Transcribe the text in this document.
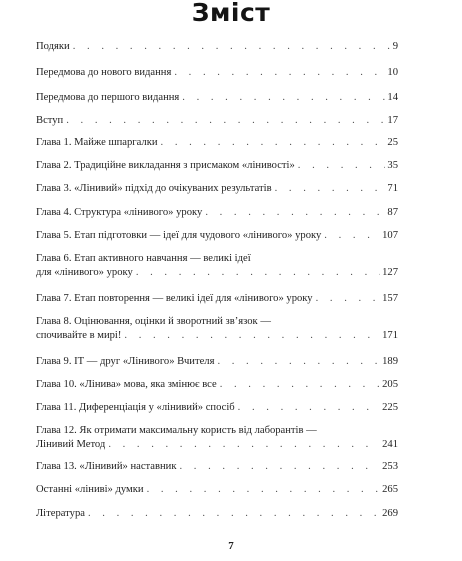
Зміст
Подяки . . .	9
Передмова до нового видання . . .	10
Передмова до першого видання . . .	14
Вступ . . .	17
Глава 1. Майже шпаргалки . . .	25
Глава 2. Традиційне викладання з присмаком «лінивості» . . .	35
Глава 3. «Лінивий» підхід до очікуваних результатів . . .	71
Глава 4. Структура «лінивого» уроку . . .	87
Глава 5. Етап підготовки — ідеї для чудового «лінивого» уроку . . .	107
Глава 6. Етап активного навчання — великі ідеї
для «лінивого» уроку . . .	127
Глава 7. Етап повторення — великі ідеї для «лінивого» уроку . . .	157
Глава 8. Оцінювання, оцінки й зворотний зв’язок —
спочивайте в мирі! . . .	171
Глава 9. ІТ — друг «Лінивого» Вчителя . . .	189
Глава 10. «Лінива» мова, яка змінює все . . .	205
Глава 11. Диференціація у «лінивий» спосіб . . .	225
Глава 12. Як отримати максимальну користь від лаборантів —
Лінивий Метод . . .	241
Глава 13. «Лінивий» наставник . . .	253
Останні «ліниві» думки . . .	265
Література . . .	269
7
